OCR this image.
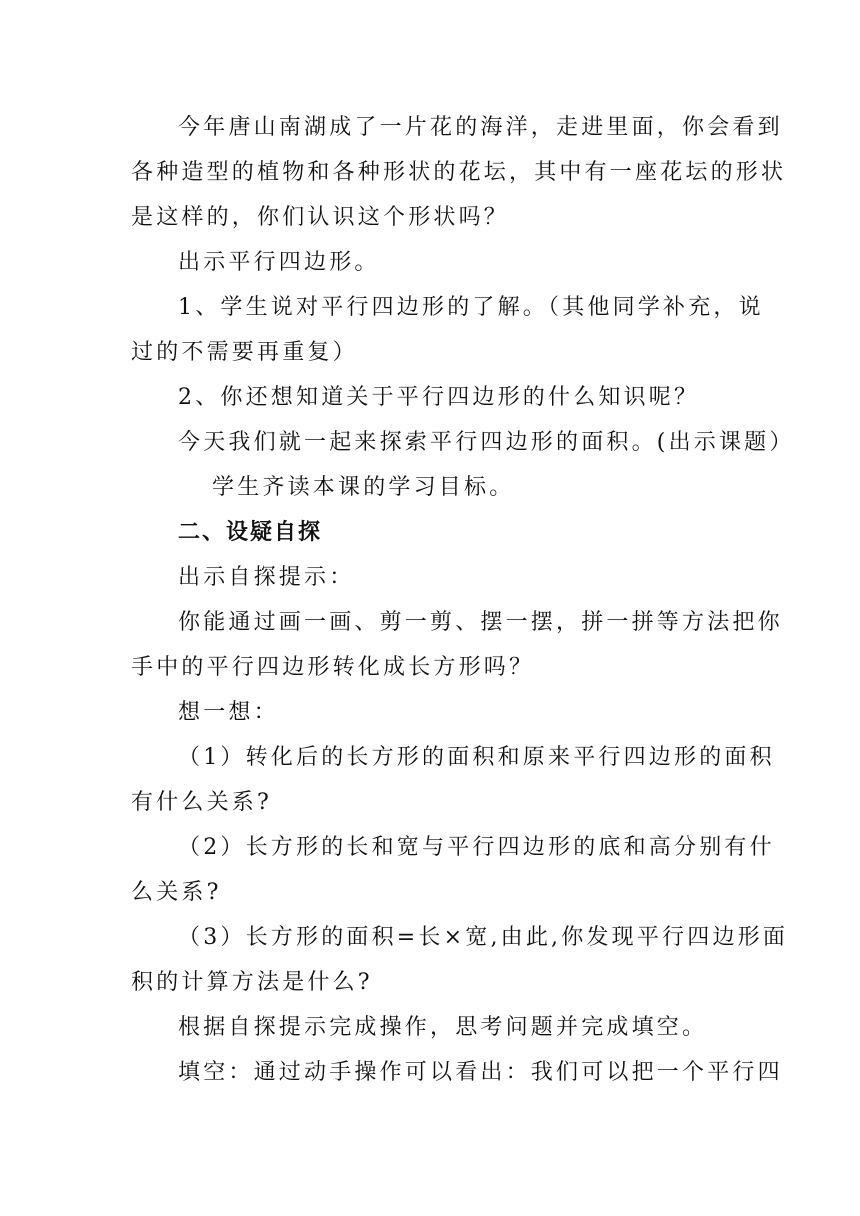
今年唐山南湖成了一片花的海洋，走进里面，你会看到
各种造型的植物和各种形状的花坛，其中有一座花坛的形状
是这样的，你们认识这个形状吗？
出示平行四边形。
1、学生说对平行四边形的了解。（其他同学补充，说
过的不需要再重复）
2、你还想知道关于平行四边形的什么知识呢？
今天我们就一起来探索平行四边形的面积。(出示课题）
学生齐读本课的学习目标。
二、设疑自探
出示自探提示：
你能通过画一画、剪一剪、摆一摆，拼一拼等方法把你
手中的平行四边形转化成长方形吗？
想一想：
（1）转化后的长方形的面积和原来平行四边形的面积
有什么关系?
（2）长方形的长和宽与平行四边形的底和高分别有什
么关系?
（3）长方形的面积=长×宽,由此,你发现平行四边形面
积的计算方法是什么?
根据自探提示完成操作，思考问题并完成填空。
填空：通过动手操作可以看出：我们可以把一个平行四
